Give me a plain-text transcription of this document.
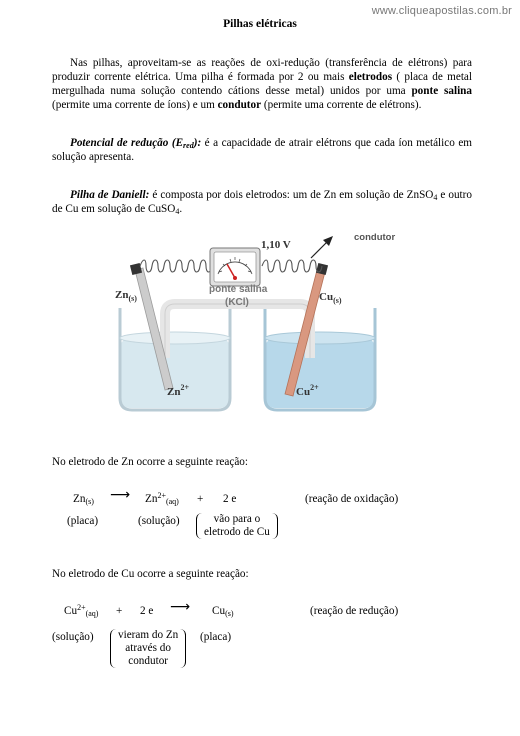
www.cliqueapostilas.com.br
Pilhas elétricas
Nas pilhas, aproveitam-se as reações de oxi-redução (transferência de elétrons) para produzir corrente elétrica. Uma pilha é formada por 2 ou mais eletrodos ( placa de metal mergulhada numa solução contendo cátions desse metal) unidos por uma ponte salina (permite uma corrente de íons) e um condutor (permite uma corrente de elétrons).
Potencial de redução $(E_{red})$: é a capacidade de atrair elétrons que cada íon metálico em solução apresenta.
Pilha de Daniell: é composta por dois eletrodos: um de Zn em solução de ZnSO$_4$ e outro de Cu em solução de CuSO$_4$.
1,10 V
condutor
ponte salina
(KCl)
$Zn_{(s)}$	$Cu_{(s)}$
$Zn^{2+}$	$Cu^{2+}$
No eletrodo de Zn ocorre a seguinte reação:
$Zn_{(s)}$ ⟶ $Zn^{2+}_{(aq)} + 2$ e	(reação de oxidação)
(placa)	(solução)	vão para o
eletrodo de Cu
No eletrodo de Cu ocorre a seguinte reação:
$Cu^{2+}_{(aq)} + 2$ e ⟶ $Cu_{(s)}$	(reação de redução)
(solução) vieram do Zn
através do
condutor
(placa)
